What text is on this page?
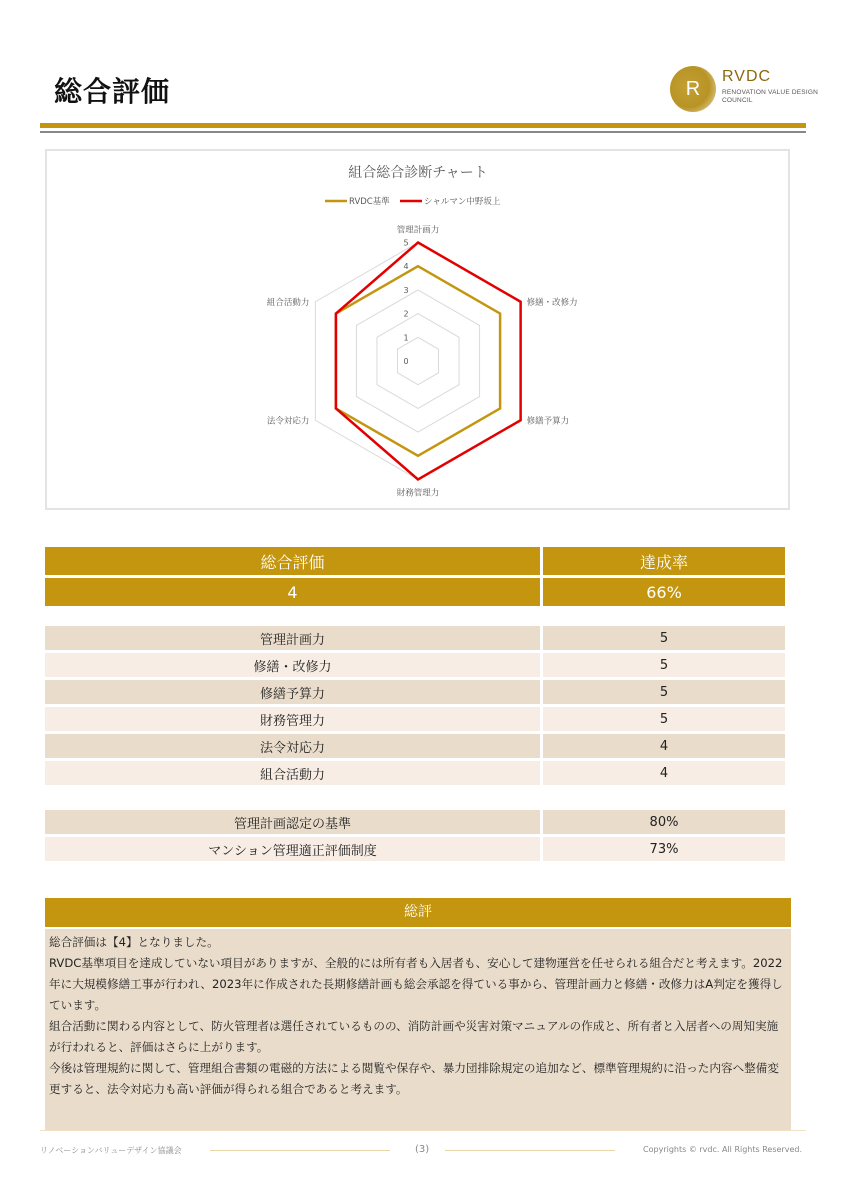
総合評価	R
RVDC
RENOVATION VALUE DESIGN
COUNCIL
組合総合診断チャート
RVDC基準	シャルマン中野坂上
0
1
2
3
4
5
管理計画力
修繕・改修力
修繕予算力
財務管理力
法令対応力
組合活動力
総合評価	達成率
4	66%
管理計画力	5
修繕・改修力	5
修繕予算力	5
財務管理力	5
法令対応力	4
組合活動力	4
管理計画認定の基準	80%
マンション管理適正評価制度	73%
総評

総合評価は【4】となりました。

RVDC基準項目を達成していない項目がありますが、全般的には所有者も入居者も、安心して建物運営を任せられる組合だと考えます。2022年に大規模修繕工事が行われ、2023年に作成された長期修繕計画も総会承認を得ている事から、管理計画力と修繕・改修力はA判定を獲得しています。

組合活動に関わる内容として、防火管理者は選任されているものの、消防計画や災害対策マニュアルの作成と、所有者と入居者への周知実施が行われると、評価はさらに上がります。

今後は管理規約に関して、管理組合書類の電磁的方法による閲覧や保存や、暴力団排除規定の追加など、標準管理規約に沿った内容へ整備変更すると、法令対応力も高い評価が得られる組合であると考えます。

リノベーションバリューデザイン協議会	(3)	Copyrights © rvdc. All Rights Reserved.
